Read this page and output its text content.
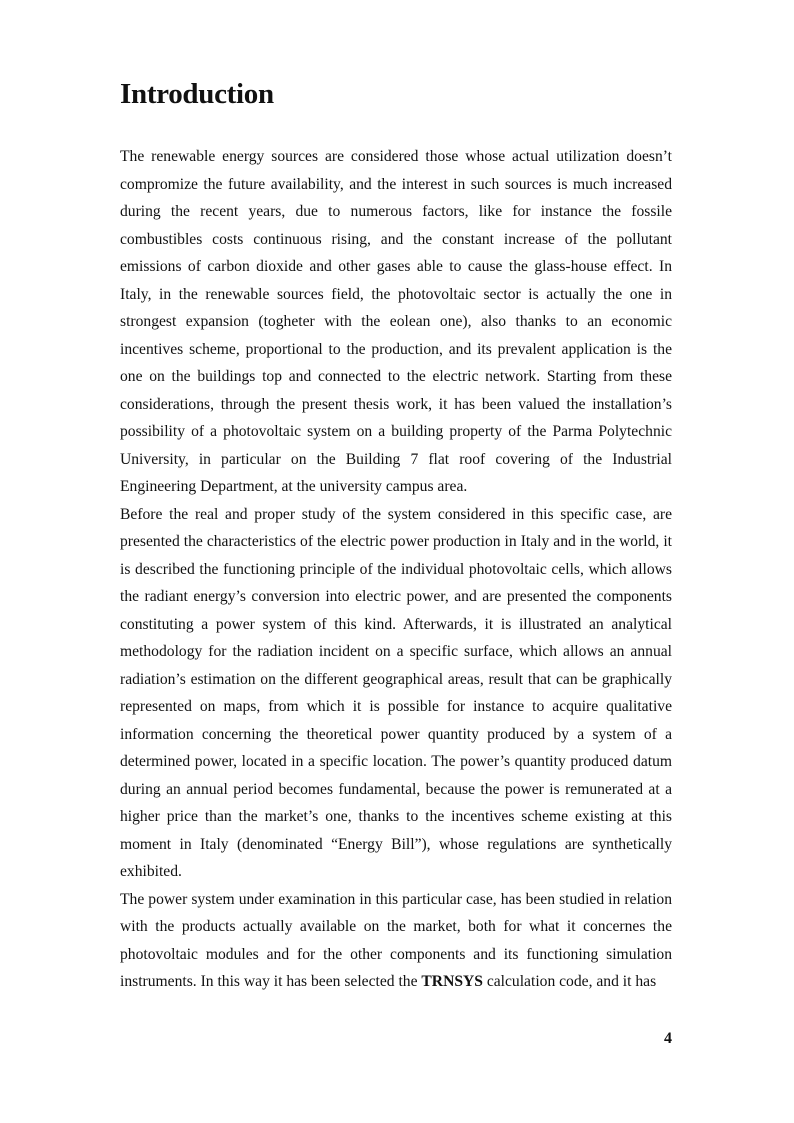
Introduction

The renewable energy sources are considered those whose actual utilization doesn’t compromize the future availability, and the interest in such sources is much increased during the recent years, due to numerous factors, like for instance the fossile combustibles costs continuous rising, and the constant increase of the pollutant emissions of carbon dioxide and other gases able to cause the glass-house effect. In Italy, in the renewable sources field, the photovoltaic sector is actually the one in strongest expansion (togheter with the eolean one), also thanks to an economic incentives scheme, proportional to the production, and its prevalent application is the one on the buildings top and connected to the electric network. Starting from these considerations, through the present thesis work, it has been valued the installation’s possibility of a photovoltaic system on a building property of the Parma Polytechnic University, in particular on the Building 7 flat roof covering of the Industrial Engineering Department, at the university campus area.

Before the real and proper study of the system considered in this specific case, are presented the characteristics of the electric power production in Italy and in the world, it is described the functioning principle of the individual photovoltaic cells, which allows the radiant energy’s conversion into electric power, and are presented the components constituting a power system of this kind. Afterwards, it is illustrated an analytical methodology for the radiation incident on a specific surface, which allows an annual radiation’s estimation on the different geographical areas, result that can be graphically represented on maps, from which it is possible for instance to acquire qualitative information concerning the theoretical power quantity produced by a system of a determined power, located in a specific location. The power’s quantity produced datum during an annual period becomes fundamental, because the power is remunerated at a higher price than the market’s one, thanks to the incentives scheme existing at this moment in Italy (denominated “Energy Bill”), whose regulations are synthetically exhibited.

The power system under examination in this particular case, has been studied in relation with the products actually available on the market, both for what it concernes the photovoltaic modules and for the other components and its functioning simulation instruments. In this way it has been selected the TRNSYS calculation code, and it has

4
